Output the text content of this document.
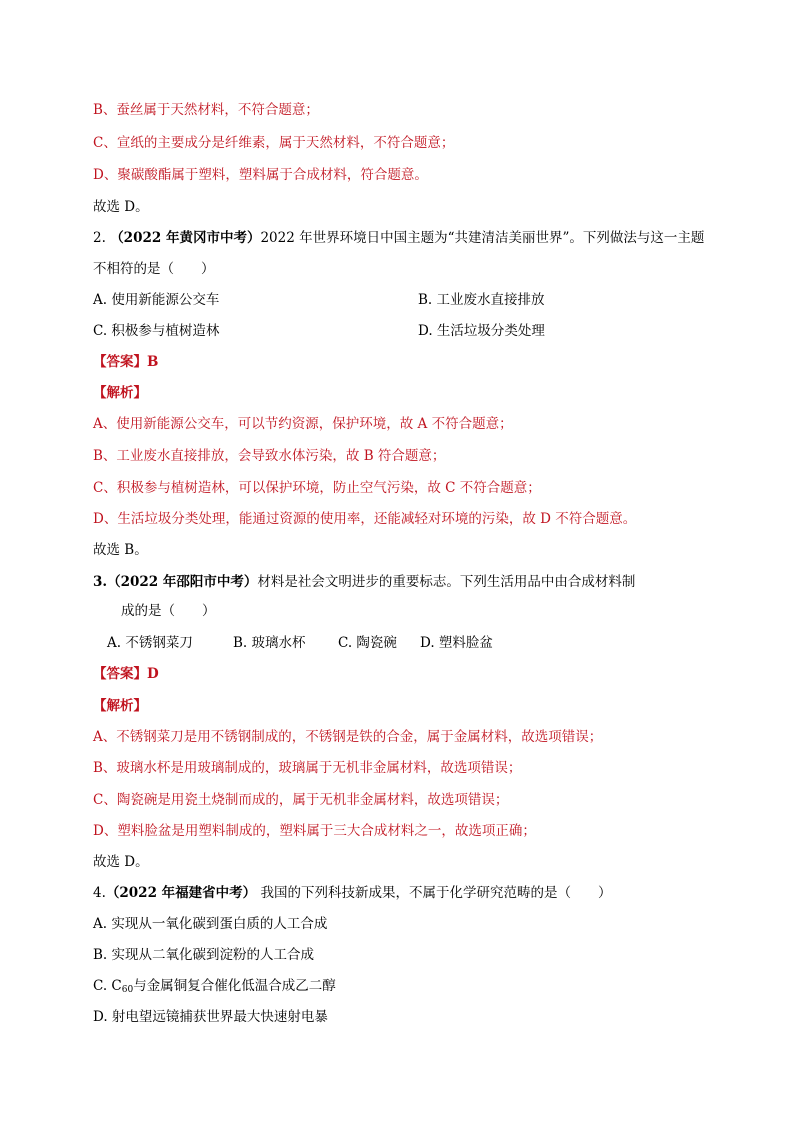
B、蚕丝属于天然材料，不符合题意；
C、宣纸的主要成分是纤维素，属于天然材料，不符合题意；
D、聚碳酸酯属于塑料，塑料属于合成材料，符合题意。
故选 D。
2. （2022 年黄冈市中考）2022 年世界环境日中国主题为“共建清洁美丽世界”。下列做法与这一主题
不相符的是（　　）
A. 使用新能源公交车	B. 工业废水直接排放
C. 积极参与植树造林	D. 生活垃圾分类处理
【答案】B
【解析】
A、使用新能源公交车，可以节约资源，保护环境，故 A 不符合题意；
B、工业废水直接排放，会导致水体污染，故 B 符合题意；
C、积极参与植树造林，可以保护环境，防止空气污染，故 C 不符合题意；
D、生活垃圾分类处理，能通过资源的使用率，还能减轻对环境的污染，故 D 不符合题意。
故选 B。
3.（2022 年邵阳市中考）材料是社会文明进步的重要标志。下列生活用品中由合成材料制
成的是（　　）
A. 不锈钢菜刀	B. 玻璃水杯 C. 陶瓷碗 D. 塑料脸盆
【答案】D
【解析】
A、不锈钢菜刀是用不锈钢制成的，不锈钢是铁的合金，属于金属材料，故选项错误；
B、玻璃水杯是用玻璃制成的，玻璃属于无机非金属材料，故选项错误；
C、陶瓷碗是用瓷土烧制而成的，属于无机非金属材料，故选项错误；
D、塑料脸盆是用塑料制成的，塑料属于三大合成材料之一，故选项正确；
故选 D。
4.（2022 年福建省中考） 我国的下列科技新成果，不属于化学研究范畴的是（　　）
A. 实现从一氧化碳到蛋白质的人工合成
B. 实现从二氧化碳到淀粉的人工合成
C. $C_{60}$与金属铜复合催化低温合成乙二醇
D. 射电望远镜捕获世界最大快速射电暴
